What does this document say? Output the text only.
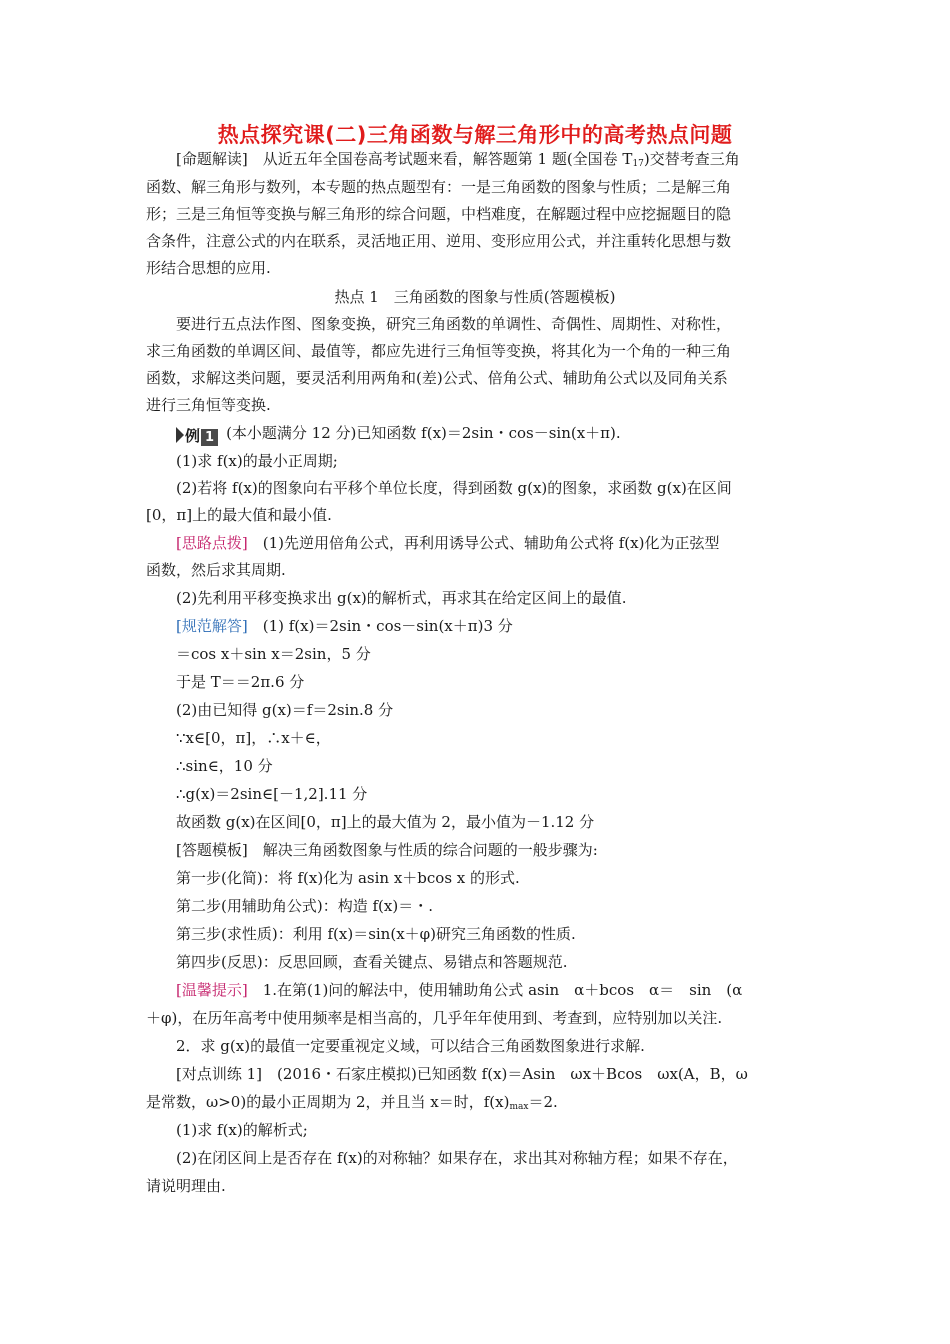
热点探究课(二)三角函数与解三角形中的高考热点问题
[命题解读]　 从近五年全国卷高考试题来看，解答题第 1 题(全国卷 $T_{17}$)交替考查三角
函数、解三角形与数列，本专题的热点题型有：一是三角函数的图象与性质；二是解三角
形；三是三角恒等变换与解三角形的综合问题，中档难度，在解题过程中应挖掘题目的隐
含条件，注意公式的内在联系，灵活地正用、逆用、变形应用公式，并注重转化思想与数
形结合思想的应用.
热点 1　三角函数的图象与性质(答题模板)
要进行五点法作图、图象变换，研究三角函数的单调性、奇偶性、周期性、对称性，
求三角函数的单调区间、最值等，都应先进行三角恒等变换，将其化为一个角的一种三角
函数，求解这类问题，要灵活利用两角和(差)公式、倍角公式、辅助角公式以及同角关系
进行三角恒等变换.
例 1 (本小题满分 12 分)已知函数 f(x)＝2sin・cos－sin(x＋π).
(1)求 f(x)的最小正周期;
(2)若将 f(x)的图象向右平移个单位长度，得到函数 g(x)的图象，求函数 g(x)在区间
[0，π]上的最大值和最小值.
[思路点拨]　 (1)先逆用倍角公式，再利用诱导公式、辅助角公式将 f(x)化为正弦型
函数，然后求其周期.
(2)先利用平移变换求出 g(x)的解析式，再求其在给定区间上的最值.
[规范解答]　 (1) f(x)＝2sin・cos－sin(x＋π)3 分
＝cos x＋sin x＝2sin，5 分
于是 T＝＝2π.6 分
(2)由已知得 g(x)＝f＝2sin.8 分
∵x∈[0，π]，∴x＋∈，
∴sin∈，10 分
∴g(x)＝2sin∈[－1,2].11 分
故函数 g(x)在区间[0，π]上的最大值为 2，最小值为－1.12 分
[答题模板]　 解决三角函数图象与性质的综合问题的一般步骤为:
第一步(化简)：将 f(x)化为 asin x＋bcos x 的形式.
第二步(用辅助角公式)：构造 f(x)＝・.
第三步(求性质)：利用 f(x)＝sin(x＋φ)研究三角函数的性质.
第四步(反思)：反思回顾，查看关键点、易错点和答题规范.
[温馨提示]　 1.在第(1)问的解法中，使用辅助角公式 asin　α＋bcos　α＝　sin　(α
＋φ)，在历年高考中使用频率是相当高的，几乎年年使用到、考查到，应特别加以关注.
2．求 g(x)的最值一定要重视定义域，可以结合三角函数图象进行求解.
[对点训练 1]　(2016・石家庄模拟)已知函数 f(x)＝Asin　ωx＋Bcos　ωx(A，B，ω
是常数，ω>0)的最小正周期为 2，并且当 x＝时，$f(x)_{max}=2$.
(1)求 f(x)的解析式;
(2)在闭区间上是否存在 f(x)的对称轴？如果存在，求出其对称轴方程；如果不存在，
请说明理由.
